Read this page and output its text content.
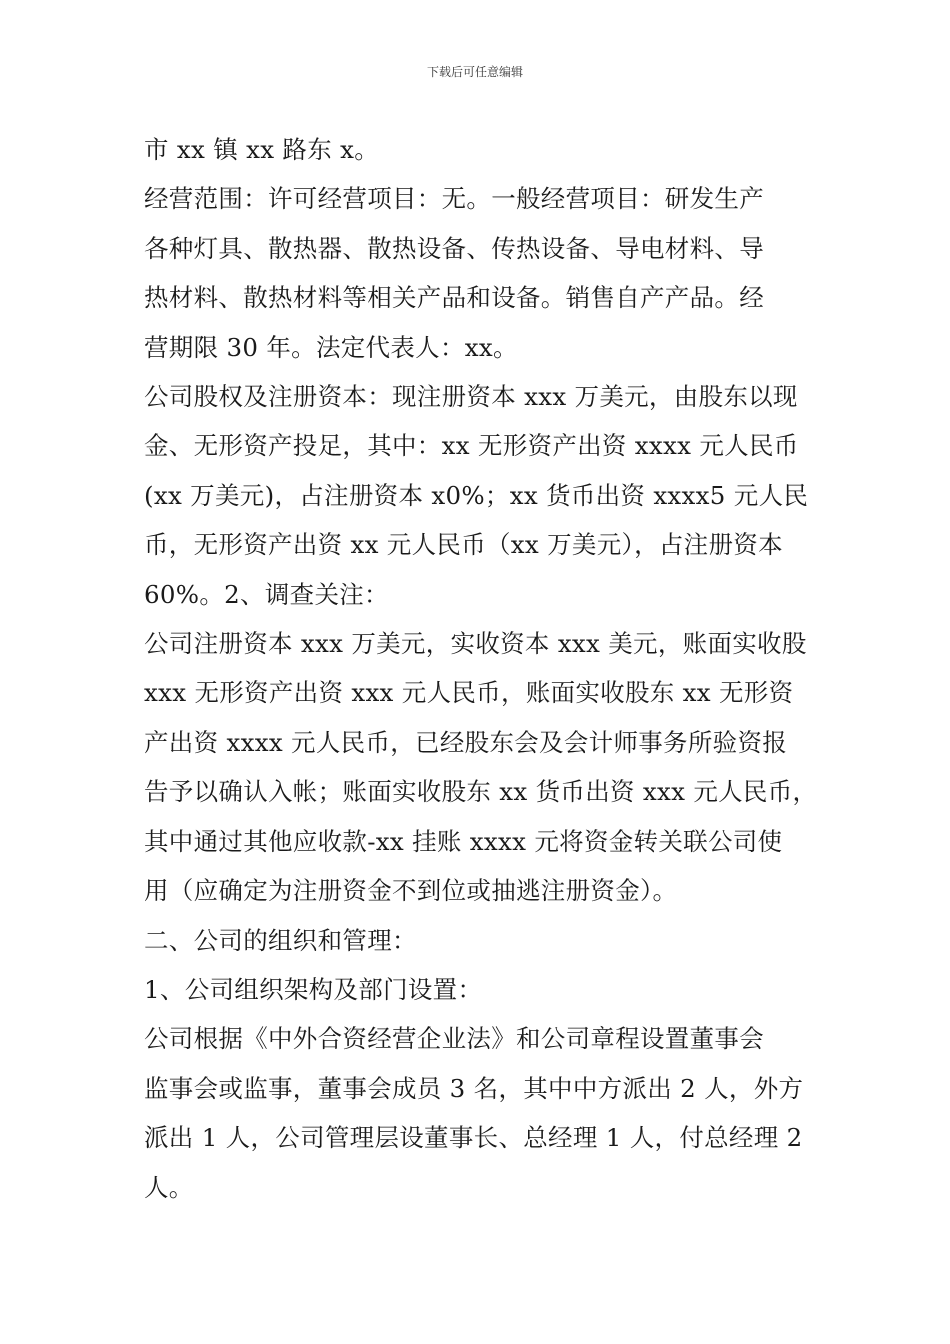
下载后可任意编辑
市 xx 镇 xx 路东 x。
经营范围：许可经营项目：无。一般经营项目：研发生产
各种灯具、散热器、散热设备、传热设备、导电材料、导
热材料、散热材料等相关产品和设备。销售自产产品。经
营期限 30 年。法定代表人：xx。
公司股权及注册资本：现注册资本 xxx 万美元，由股东以现
金、无形资产投足，其中：xx 无形资产出资 xxxx 元人民币
(xx 万美元)，占注册资本 x0%；xx 货币出资 xxxx5 元人民
币，无形资产出资 xx 元人民币（xx 万美元），占注册资本
60%。2、调查关注：
公司注册资本 xxx 万美元，实收资本 xxx 美元，账面实收股
xxx 无形资产出资 xxx 元人民币，账面实收股东 xx 无形资
产出资 xxxx 元人民币，已经股东会及会计师事务所验资报
告予以确认入帐；账面实收股东 xx 货币出资 xxx 元人民币，
其中通过其他应收款-xx 挂账 xxxx 元将资金转关联公司使
用（应确定为注册资金不到位或抽逃注册资金）。
二、公司的组织和管理：
1、公司组织架构及部门设置：
公司根据《中外合资经营企业法》和公司章程设置董事会
监事会或监事，董事会成员 3 名，其中中方派出 2 人，外方
派出 1 人，公司管理层设董事长、总经理 1 人，付总经理 2
人。
